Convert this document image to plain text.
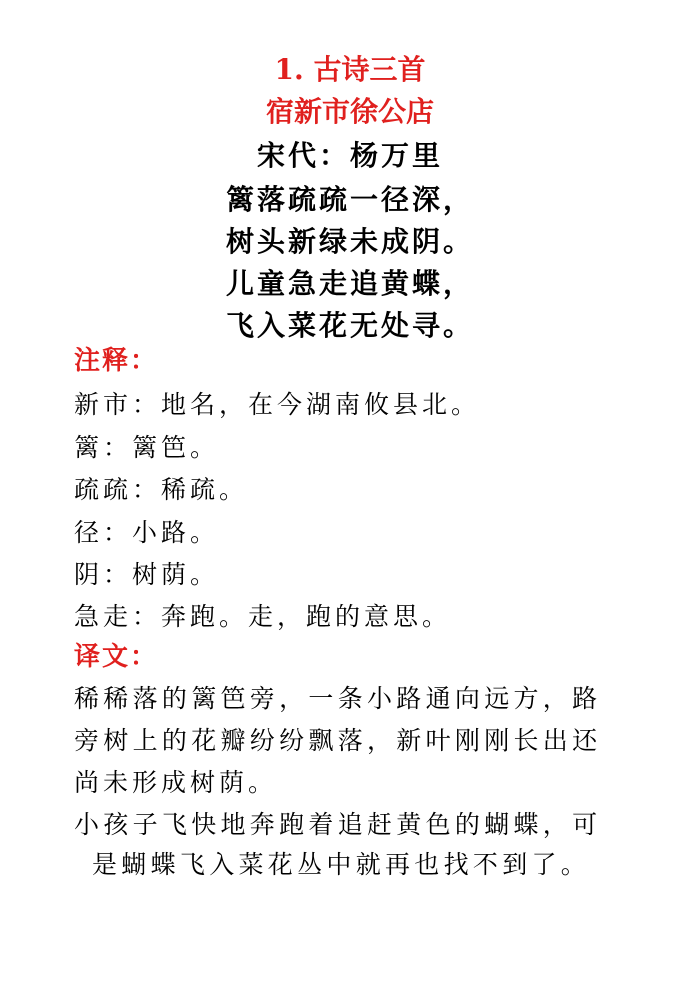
1. 古诗三首
宿新市徐公店
宋代：杨万里
篱落疏疏一径深，
树头新绿未成阴。
儿童急走追黄蝶，
飞入菜花无处寻。
注释：
新市：地名，在今湖南攸县北。
篱：篱笆。
疏疏：稀疏。
径：小路。
阴：树荫。
急走：奔跑。走，跑的意思。
译文：
稀稀落的篱笆旁，一条小路通向远方，路
旁树上的花瓣纷纷飘落，新叶刚刚长出还
尚未形成树荫。
小孩子飞快地奔跑着追赶黄色的蝴蝶，可
是蝴蝶飞入菜花丛中就再也找不到了。
